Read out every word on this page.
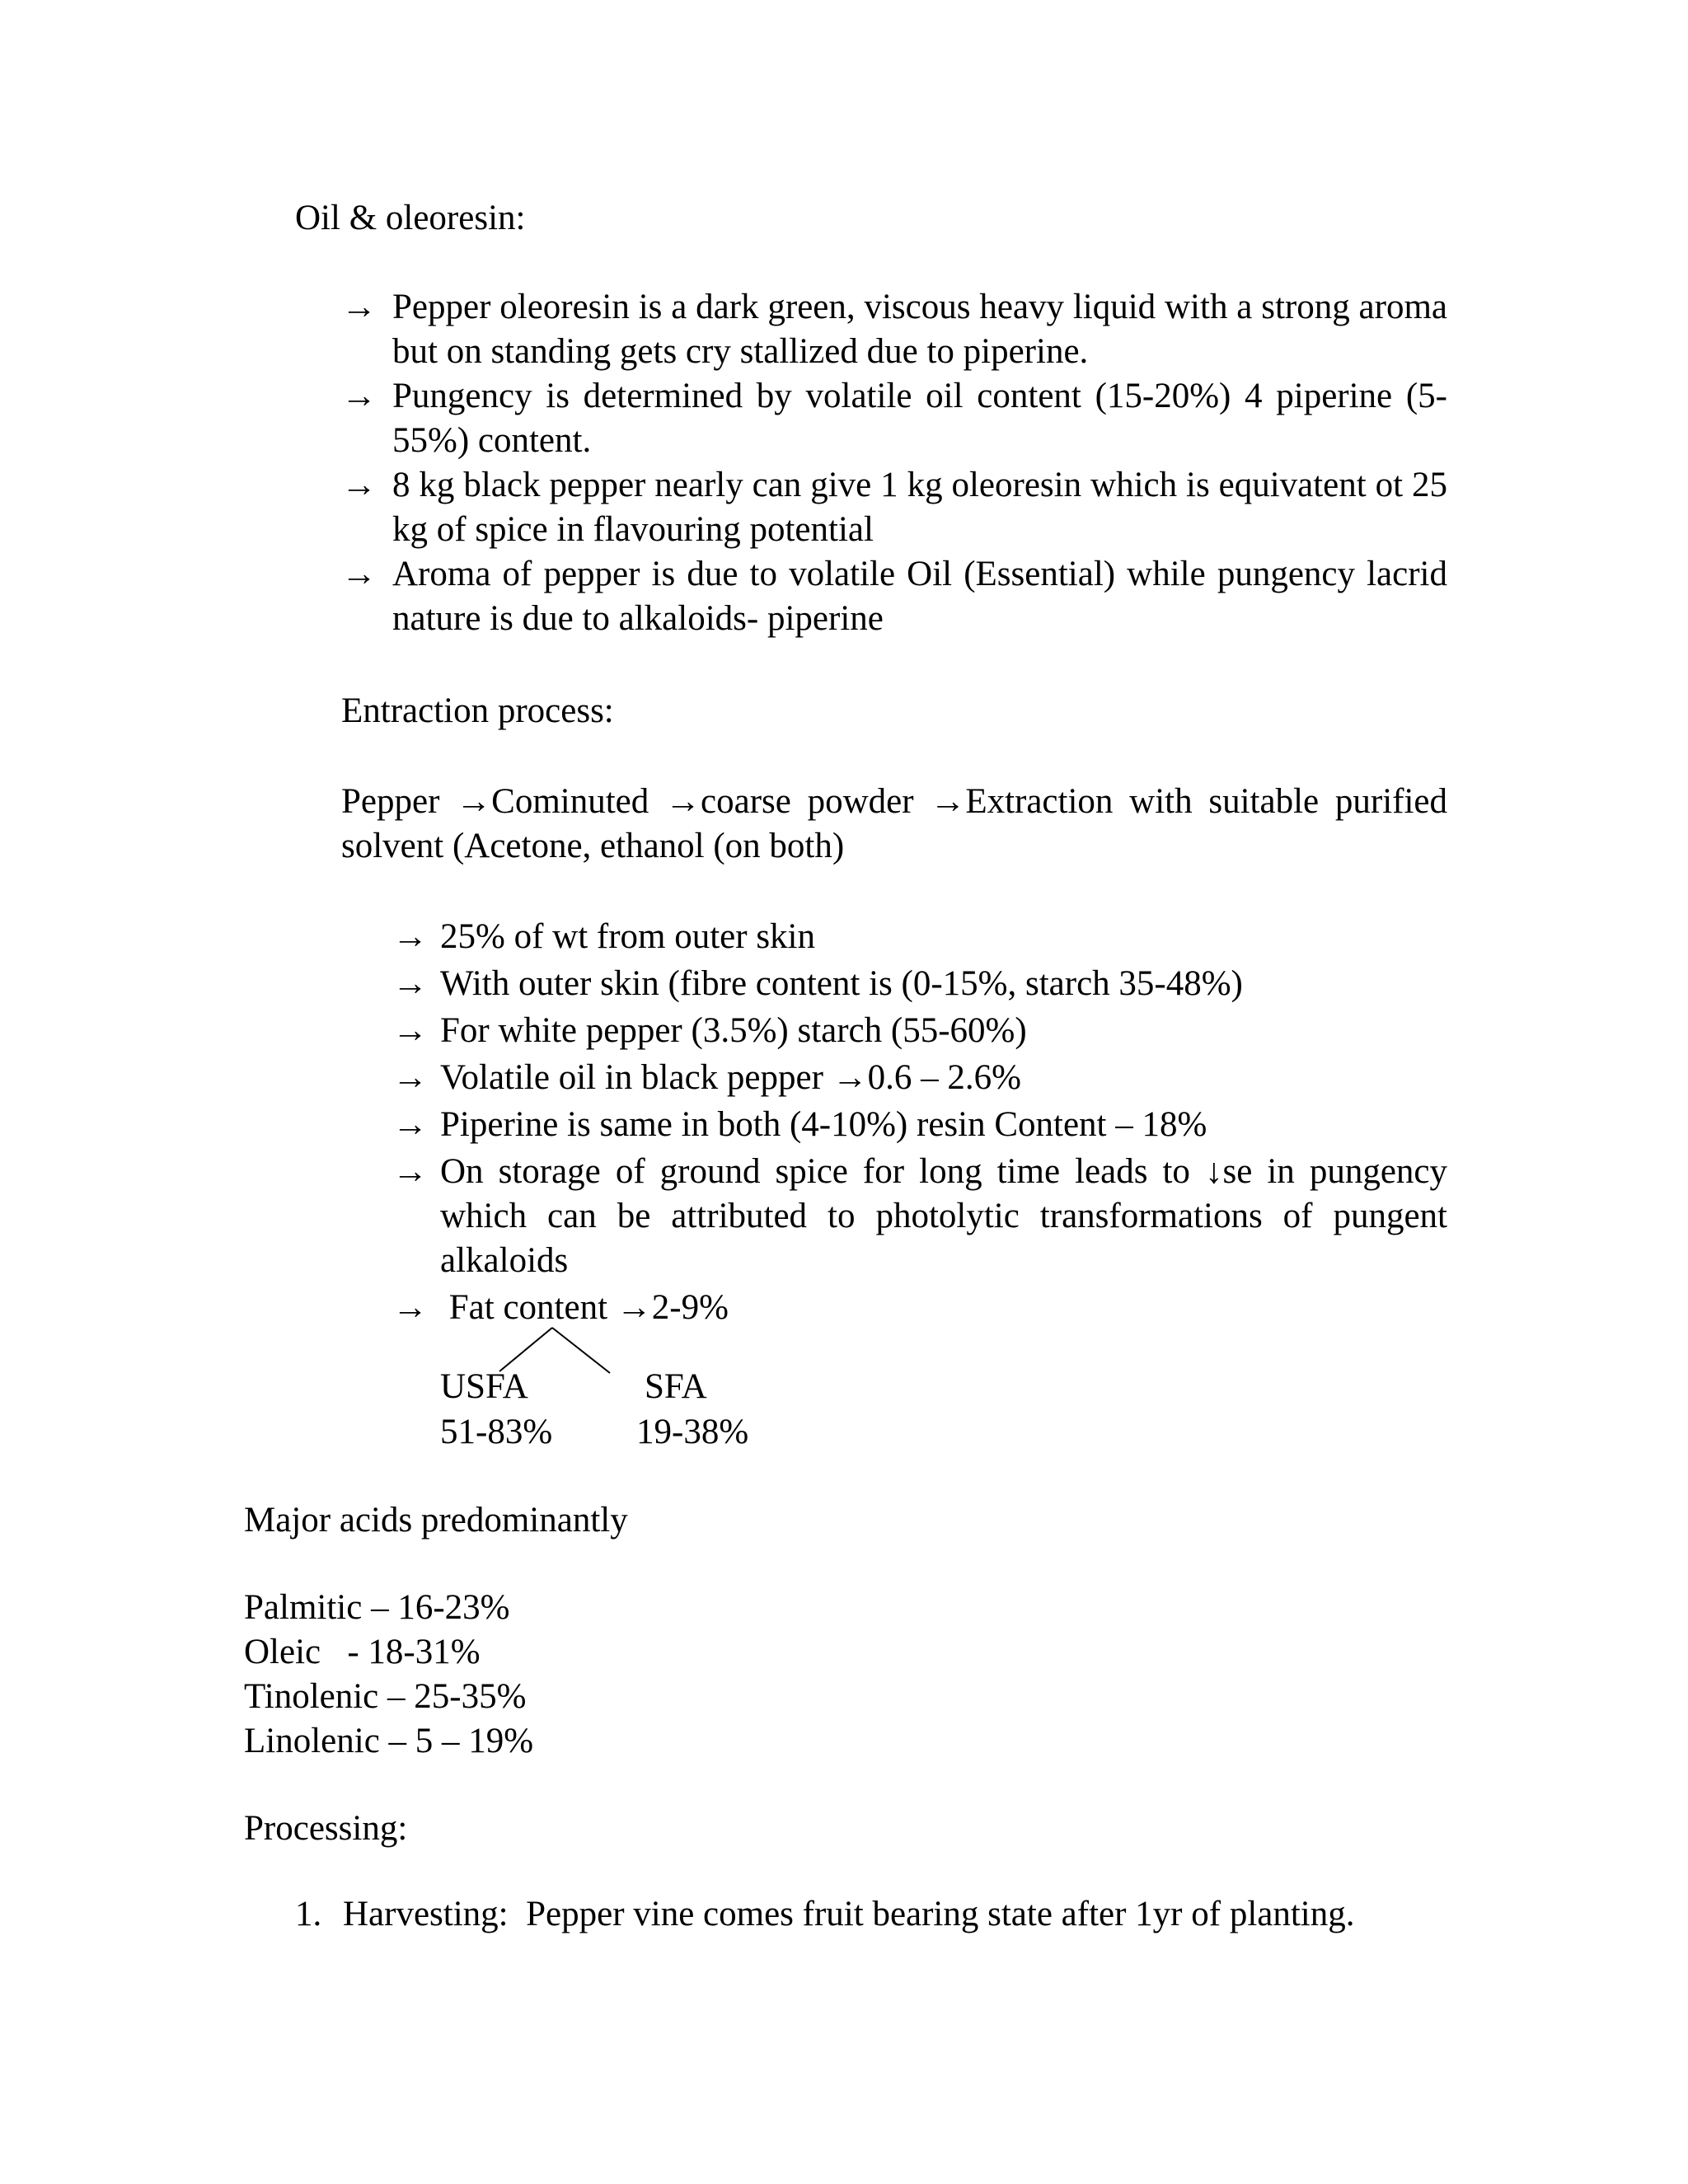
Oil & oleoresin:
→ Pepper oleoresin is a dark green, viscous heavy liquid with a strong aroma but on standing gets cry stallized due to piperine.
→ Pungency is determined by volatile oil content (15-20%) 4 piperine (5-55%) content.
→ 8 kg black pepper nearly can give 1 kg oleoresin which is equivatent ot 25 kg of spice in flavouring potential
→ Aroma of pepper is due to volatile Oil (Essential) while pungency lacrid nature is due to alkaloids- piperine
Entraction process:
Pepper →Cominuted →coarse powder →Extraction with suitable purified solvent (Acetone, ethanol (on both)
→ 25% of wt from outer skin
→ With outer skin (fibre content is (0-15%, starch 35-48%)
→ For white pepper (3.5%) starch (55-60%)
→ Volatile oil in black pepper →0.6 – 2.6%
→ Piperine is same in both (4-10%) resin Content – 18%
→ On storage of ground spice for long time leads to ↓se in pungency which can be attributed to photolytic transformations of pungent alkaloids
→ Fat content →2-9%
USFA
51-83%
SFA
19-38%
Major acids predominantly
Palmitic – 16-23%
Oleic   - 18-31%
Tinolenic – 25-35%
Linolenic – 5 – 19%
Processing:
1. Harvesting:  Pepper vine comes fruit bearing state after 1yr of planting.
